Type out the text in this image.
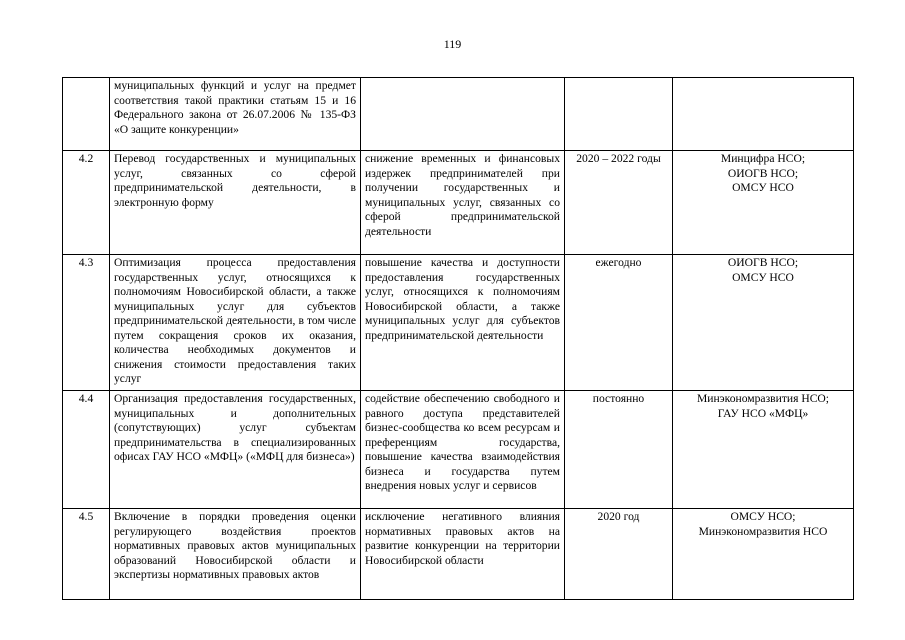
119
	муниципальных функций и услуг на предмет соответствия такой практики статьям 15 и 16 Федерального закона от 26.07.2006 № 135-ФЗ «О защите конкуренции»			
4.2	Перевод государственных и муниципальных услуг, связанных со сферой предпринимательской деятельности, в электронную форму	снижение временных и финансовых издержек предпринимателей при получении государственных и муниципальных услуг, связанных со сферой предпринимательской деятельности	2020 – 2022 годы	Минцифра НСО;
ОИОГВ НСО;
ОМСУ НСО

4.3	Оптимизация процесса предоставления государственных услуг, относящихся к полномочиям Новосибирской области, а также муниципальных услуг для субъектов предпринимательской деятельности, в том числе путем сокращения сроков их оказания, количества необходимых документов и снижения стоимости предоставления таких услуг	повышение качества и доступности предоставления государственных услуг, относящихся к полномочиям Новосибирской области, а также муниципальных услуг для субъектов предпринимательской деятельности	ежегодно	ОИОГВ НСО;
ОМСУ НСО

4.4	Организация предоставления государственных, муниципальных и дополнительных (сопутствующих) услуг субъектам предпринимательства в специализированных офисах ГАУ НСО «МФЦ» («МФЦ для бизнеса»)	содействие обеспечению свободного и равного доступа представителей бизнес-сообщества ко всем ресурсам и преференциям государства, повышение качества взаимодействия бизнеса и государства путем внедрения новых услуг и сервисов	постоянно	Минэкономразвития НСО;
ГАУ НСО «МФЦ»

4.5	Включение в порядки проведения оценки регулирующего воздействия проектов нормативных правовых актов муниципальных образований Новосибирской области и экспертизы нормативных правовых актов	исключение негативного влияния нормативных правовых актов на развитие конкуренции на территории Новосибирской области	2020 год	ОМСУ НСО;
Минэкономразвития НСО
